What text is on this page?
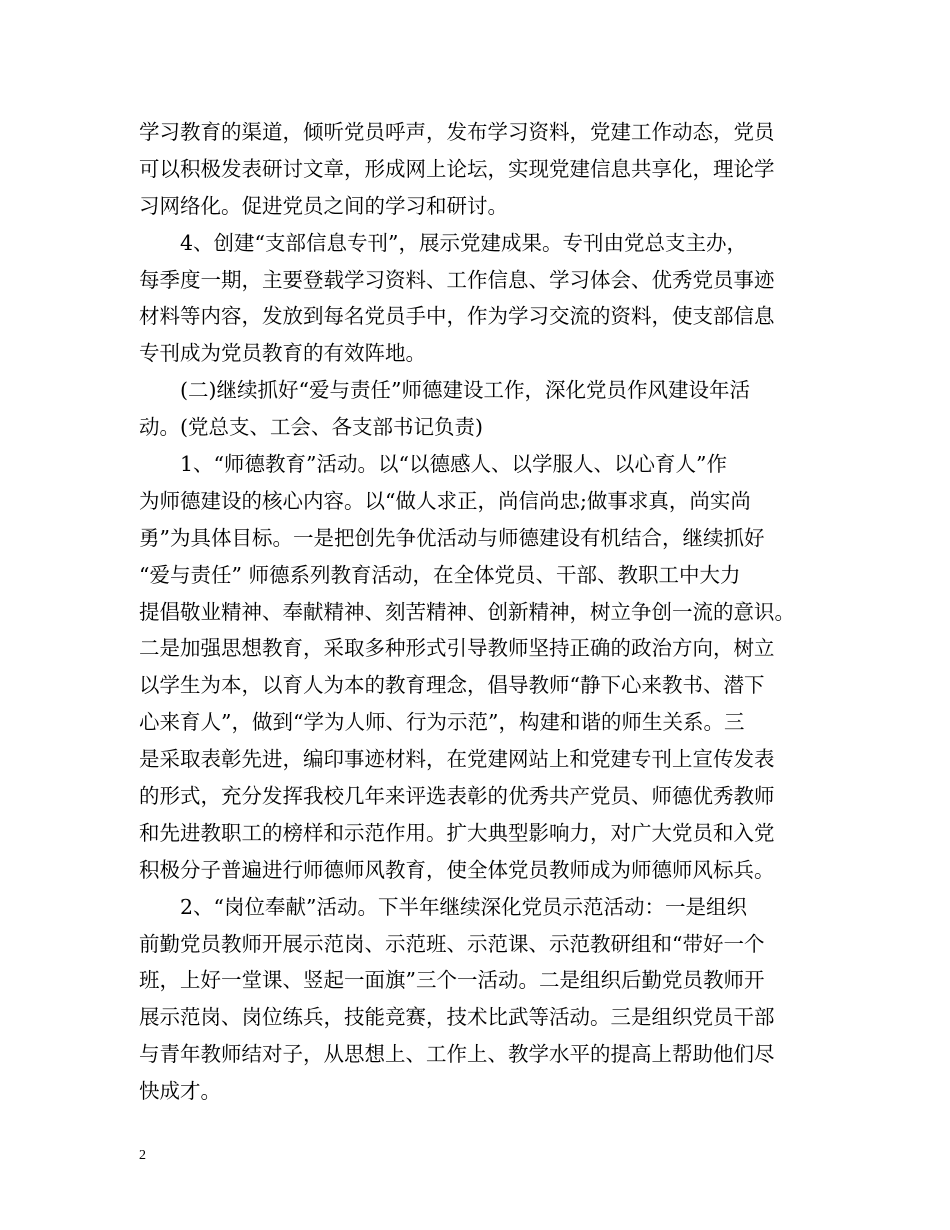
学习教育的渠道，倾听党员呼声，发布学习资料，党建工作动态，党员
可以积极发表研讨文章，形成网上论坛，实现党建信息共享化，理论学
习网络化。促进党员之间的学习和研讨。
4、创建“支部信息专刊”，展示党建成果。专刊由党总支主办，
每季度一期，主要登载学习资料、工作信息、学习体会、优秀党员事迹
材料等内容，发放到每名党员手中，作为学习交流的资料，使支部信息
专刊成为党员教育的有效阵地。
(二)继续抓好“爱与责任”师德建设工作，深化党员作风建设年活
动。(党总支、工会、各支部书记负责)
1、“师德教育”活动。以“以德感人、以学服人、以心育人”作
为师德建设的核心内容。以“做人求正，尚信尚忠;做事求真，尚实尚
勇”为具体目标。一是把创先争优活动与师德建设有机结合，继续抓好
“爱与责任” 师德系列教育活动，在全体党员、干部、教职工中大力
提倡敬业精神、奉献精神、刻苦精神、创新精神，树立争创一流的意识。
二是加强思想教育，采取多种形式引导教师坚持正确的政治方向，树立
以学生为本，以育人为本的教育理念，倡导教师“静下心来教书、潜下
心来育人”，做到“学为人师、行为示范”，构建和谐的师生关系。三
是采取表彰先进，编印事迹材料，在党建网站上和党建专刊上宣传发表
的形式，充分发挥我校几年来评选表彰的优秀共产党员、师德优秀教师
和先进教职工的榜样和示范作用。扩大典型影响力，对广大党员和入党
积极分子普遍进行师德师风教育，使全体党员教师成为师德师风标兵。
2、“岗位奉献”活动。下半年继续深化党员示范活动：一是组织
前勤党员教师开展示范岗、示范班、示范课、示范教研组和“带好一个
班，上好一堂课、竖起一面旗”三个一活动。二是组织后勤党员教师开
展示范岗、岗位练兵，技能竞赛，技术比武等活动。三是组织党员干部
与青年教师结对子，从思想上、工作上、教学水平的提高上帮助他们尽
快成才。
2
